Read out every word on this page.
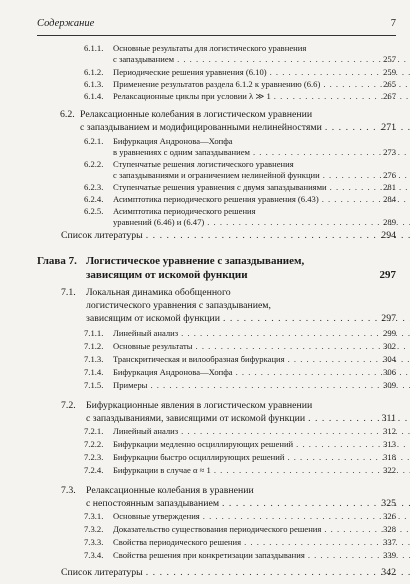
Содержание	7
6.1.1. Основные результаты для логистического уравнения
с запаздыванием . . .	257
6.1.2. Периодические решения уравнения (6.10) . . .	259
6.1.3. Применение результатов раздела 6.1.2 к уравнению (6.6) . . .	265
6.1.4. Релаксационные циклы при условии λ ≫ 1 . . .	267
6.2. Релаксационные колебания в логистическом уравнении
с запаздыванием и модифицированными нелинейностями . . .	271
6.2.1. Бифуркация Андронова—Хопфа
в уравнениях с одним запаздыванием . . .	273
6.2.2. Ступенчатые решения логистического уравнения
с запаздываниями и ограничением нелинейной функции . . .	276
6.2.3. Ступенчатые решения уравнения с двумя запаздываниями . . .	281
6.2.4. Асимптотика периодического решения уравнения (6.43) . . .	284
6.2.5. Асимптотика периодического решения
уравнений (6.46) и (6.47) . . .	289
Список литературы . . .	294
Глава 7. Логистическое уравнение с запаздыванием,
зависящим от искомой функции	297
7.1. Локальная динамика обобщенного
логистического уравнения с запаздыванием,
зависящим от искомой функции . . .	297
7.1.1. Линейный анализ . . .	299
7.1.2. Основные результаты . . .	302
7.1.3. Транскритическая и вилообразная бифуркация . . .	304
7.1.4. Бифуркация Андронова—Хопфа . . .	306
7.1.5. Примеры . . .	309
7.2. Бифуркационные явления в логистическом уравнении
с запаздываниями, зависящими от искомой функции . . .	311
7.2.1. Линейный анализ . . .	312
7.2.2. Бифуркации медленно осциллирующих решений . . .	313
7.2.3. Бифуркации быстро осциллирующих решений . . .	318
7.2.4. Бифуркации в случае α ≈ 1 . . .	322
7.3. Релаксационные колебания в уравнении
с непостоянным запаздыванием . . .	325
7.3.1. Основные утверждения . . .	326
7.3.2. Доказательство существования периодического решения . . .	328
7.3.3. Свойства периодического решения . . .	337
7.3.4. Свойства решения при конкретизации запаздывания . . .	339
Список литературы . . .	342
